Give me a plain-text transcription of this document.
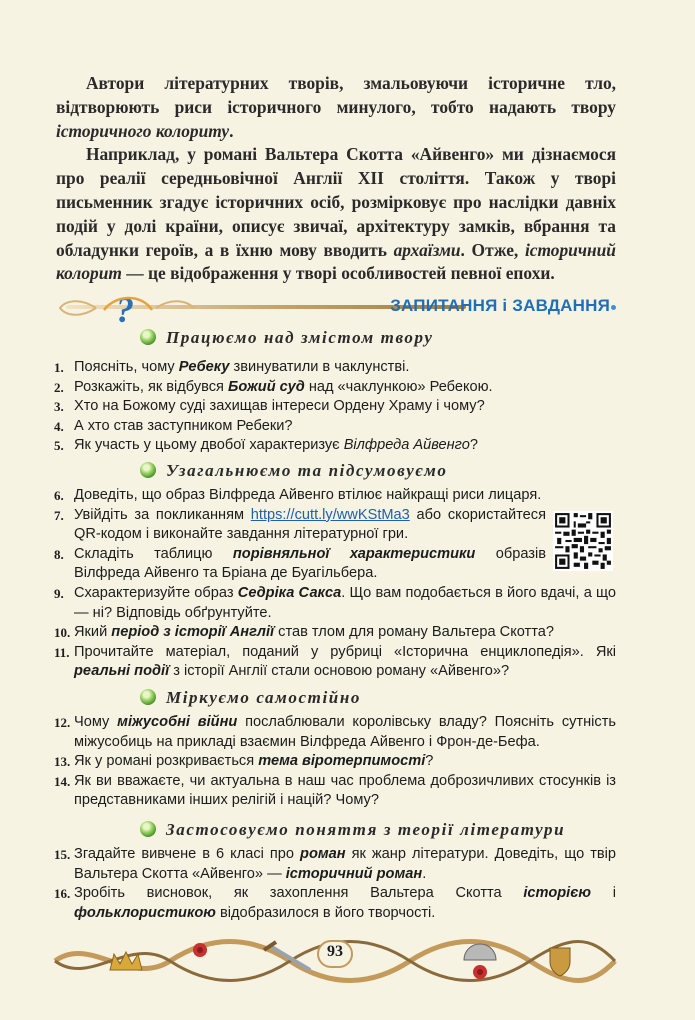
Автори літературних творів, змальовуючи історичне тло, відтворюють риси історичного минулого, тобто надають твору історичного колориту.

Наприклад, у романі Вальтера Скотта «Айвенго» ми дізнаємося про реалії середньовічної Англії XII століття. Також у творі письменник згадує історичних осіб, розмірковує про наслідки давніх подій у долі країни, описує звичаї, архітектуру замків, вбрання та обладунки героїв, а в їхню мову вводить архаїзми. Отже, історичний колорит — це відображення у творі особливостей певної епохи.

?	ЗАПИТАННЯ і ЗАВДАННЯ
Працюємо над змістом твору
1. Поясніть, чому Ребеку звинуватили в чаклунстві.
2. Розкажіть, як відбувся Божий суд над «чаклункою» Ребекою.
3. Хто на Божому суді захищав інтереси Ордену Храму і чому?
4. А хто став заступником Ребеки?
5. Як участь у цьому двобої характеризує Вілфреда Айвенго?
Узагальнюємо та підсумовуємо
6. Доведіть, що образ Вілфреда Айвенго втілює найкращі риси лицаря.
7. Увійдіть за покликанням https://cutt.ly/wwKStMa3 або скористайтеся QR-кодом і виконайте завдання літературної гри.
8. Складіть таблицю порівняльної характеристики образів Вілфреда Айвенго та Бріана де Буагільбера.
9. Схарактеризуйте образ Седріка Сакса. Що вам подобається в його вдачі, а що — ні? Відповідь обґрунтуйте.
10. Який період з історії Англії став тлом для роману Вальтера Скотта?
11. Прочитайте матеріал, поданий у рубриці «Історична енциклопедія». Які реальні події з історії Англії стали основою роману «Айвенго»?
Міркуємо самостійно
12. Чому міжусобні війни послаблювали королівську владу? Поясніть сутність міжусобиць на прикладі взаємин Вілфреда Айвенго і Фрон-де-Бефа.
13. Як у романі розкривається тема віротерпимості?
14. Як ви вважаєте, чи актуальна в наш час проблема доброзичливих стосунків із представниками інших релігій і націй? Чому?
Застосовуємо поняття з теорії літератури
15. Згадайте вивчене в 6 класі про роман як жанр літератури. Доведіть, що твір Вальтера Скотта «Айвенго» — історичний роман.
16. Зробіть висновок, як захоплення Вальтера Скотта історією і фольклористикою відобразилося в його творчості.
93
